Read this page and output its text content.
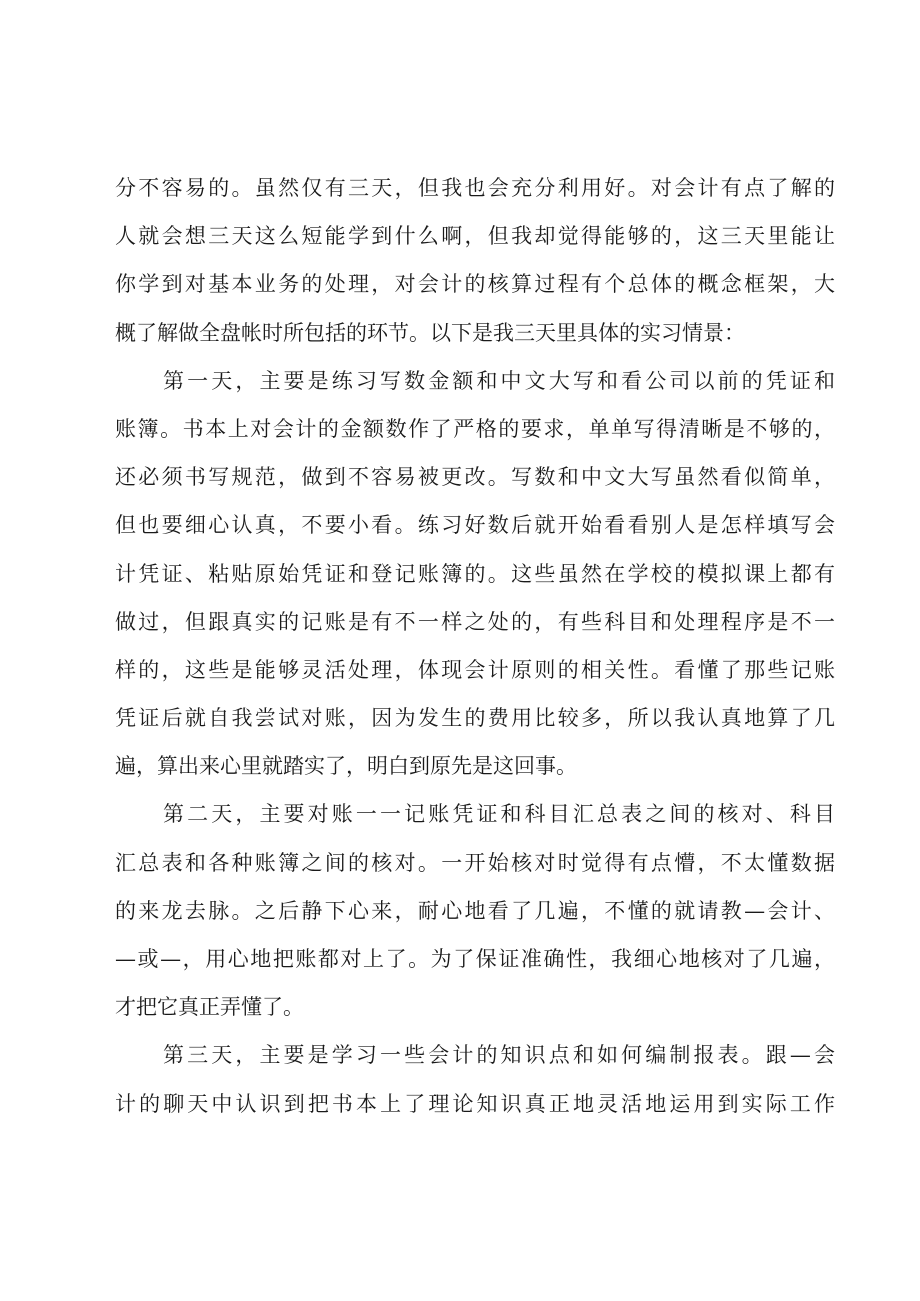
分不容易的。虽然仅有三天，但我也会充分利用好。对会计有点了解的
人就会想三天这么短能学到什么啊，但我却觉得能够的，这三天里能让
你学到对基本业务的处理，对会计的核算过程有个总体的概念框架，大
概了解做全盘帐时所包括的环节。以下是我三天里具体的实习情景：
第一天，主要是练习写数金额和中文大写和看公司以前的凭证和
账簿。书本上对会计的金额数作了严格的要求，单单写得清晰是不够的，
还必须书写规范，做到不容易被更改。写数和中文大写虽然看似简单，
但也要细心认真，不要小看。练习好数后就开始看看别人是怎样填写会
计凭证、粘贴原始凭证和登记账簿的。这些虽然在学校的模拟课上都有
做过，但跟真实的记账是有不一样之处的，有些科目和处理程序是不一
样的，这些是能够灵活处理，体现会计原则的相关性。看懂了那些记账
凭证后就自我尝试对账，因为发生的费用比较多，所以我认真地算了几
遍，算出来心里就踏实了，明白到原先是这回事。
第二天，主要对账一一记账凭证和科目汇总表之间的核对、科目
汇总表和各种账簿之间的核对。一开始核对时觉得有点懵，不太懂数据
的来龙去脉。之后静下心来，耐心地看了几遍，不懂的就请教—会计、
—或—，用心地把账都对上了。为了保证准确性，我细心地核对了几遍，
才把它真正弄懂了。
第三天，主要是学习一些会计的知识点和如何编制报表。跟—会
计的聊天中认识到把书本上了理论知识真正地灵活地运用到实际工作
